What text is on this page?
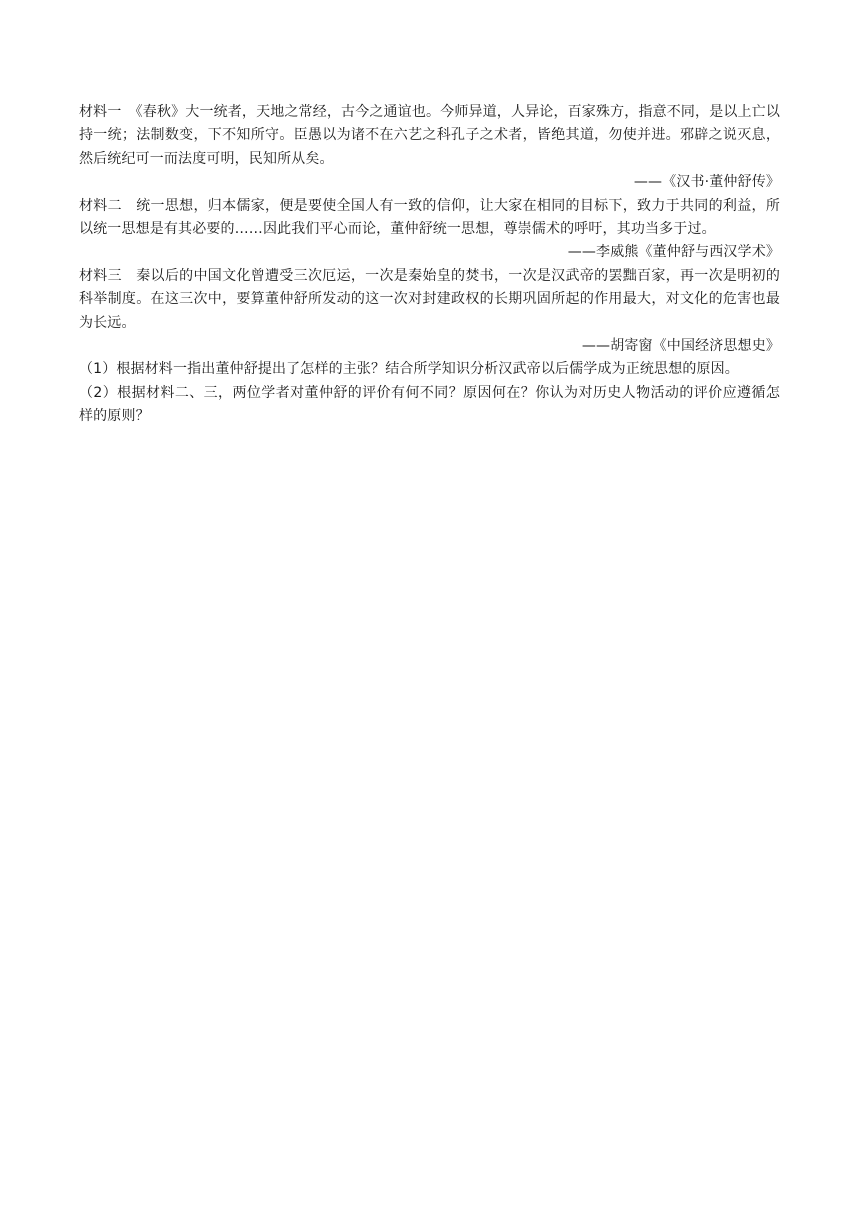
材料一　《春秋》大一统者，天地之常经，古今之通谊也。今师异道，人异论，百家殊方，指意不同，是以上亡以持一统；法制数变，下不知所守。臣愚以为诸不在六艺之科孔子之术者，皆绝其道，勿使并进。邪辟之说灭息，然后统纪可一而法度可明，民知所从矣。

——《汉书·董仲舒传》

材料二　统一思想，归本儒家，便是要使全国人有一致的信仰，让大家在相同的目标下，致力于共同的利益，所以统一思想是有其必要的……因此我们平心而论，董仲舒统一思想，尊崇儒术的呼吁，其功当多于过。

——李威熊《董仲舒与西汉学术》

材料三　秦以后的中国文化曾遭受三次厄运，一次是秦始皇的焚书，一次是汉武帝的罢黜百家，再一次是明初的科举制度。在这三次中，要算董仲舒所发动的这一次对封建政权的长期巩固所起的作用最大，对文化的危害也最为长远。

——胡寄窗《中国经济思想史》

（1）根据材料一指出董仲舒提出了怎样的主张？结合所学知识分析汉武帝以后儒学成为正统思想的原因。

（2）根据材料二、三，两位学者对董仲舒的评价有何不同？原因何在？你认为对历史人物活动的评价应遵循怎样的原则？
